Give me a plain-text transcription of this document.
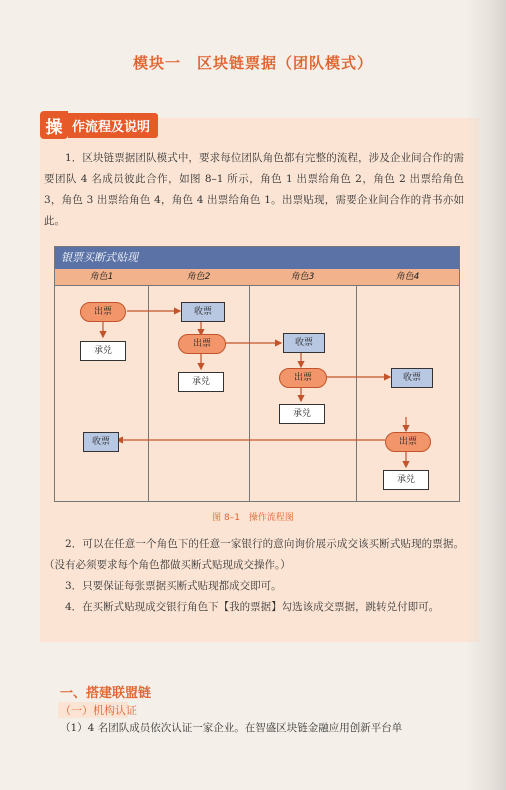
模块一　区块链票据（团队模式）
操 作流程及说明
1．区块链票据团队模式中，要求每位团队角色都有完整的流程，涉及企业间合作的需要团队 4 名成员彼此合作，如图 8–1 所示，角色 1 出票给角色 2，角色 2 出票给角色 3，角色 3 出票给角色 4，角色 4 出票给角色 1。出票贴现，需要企业间合作的背书亦如此。
银票买断式贴现
角色1	角色2	角色3	角色4
出票
承兑
收票
出票
承兑
收票
出票
承兑
收票
出票
承兑
收票
图 8–1 操作流程图
2．可以在任意一个角色下的任意一家银行的意向询价展示成交该买断式贴现的票据。（没有必须要求每个角色都做买断式贴现成交操作。）
3．只要保证每张票据买断式贴现都成交即可。
4．在买断式贴现成交银行角色下【我的票据】勾选该成交票据，跳转兑付即可。
一、搭建联盟链
（一）机构认证
（1）4 名团队成员依次认证一家企业。在智盛区块链金融应用创新平台单
